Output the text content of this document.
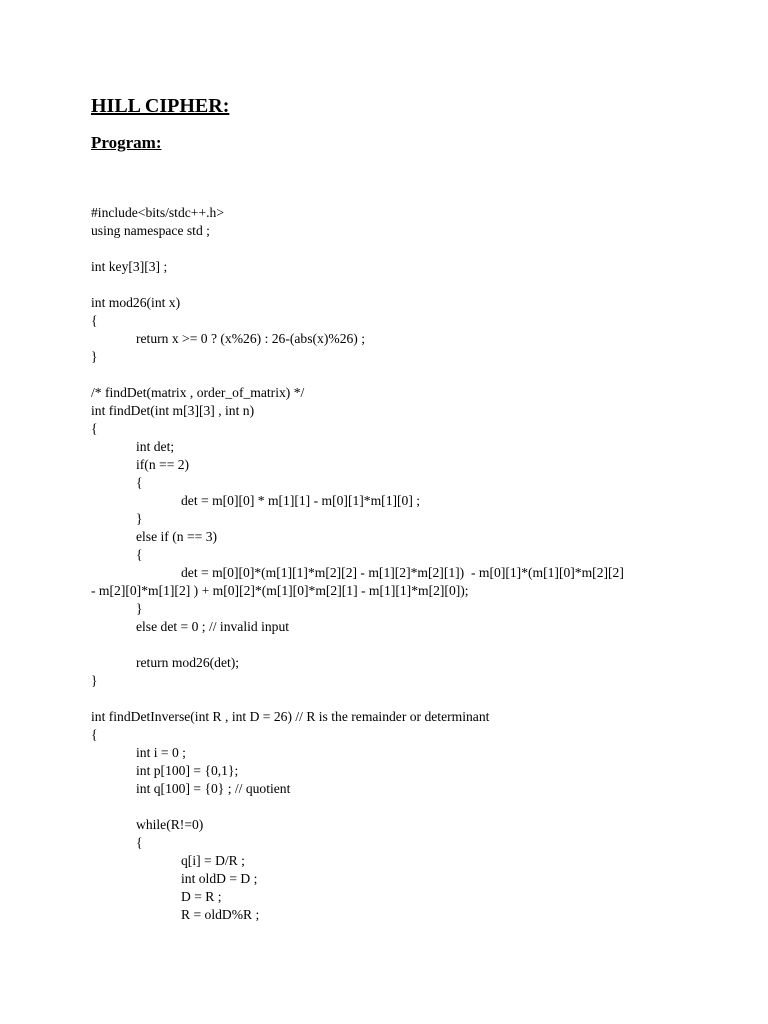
HILL CIPHER:
Program:
#include<bits/stdc++.h>
using namespace std ;
int key[3][3] ;
int mod26(int x)
{
return x >= 0 ? (x%26) : 26-(abs(x)%26) ;
}
/* findDet(matrix , order_of_matrix) */
int findDet(int m[3][3] , int n)
{
int det;
if(n == 2)
{
det = m[0][0] * m[1][1] - m[0][1]*m[1][0] ;
}
else if (n == 3)
{
det = m[0][0]*(m[1][1]*m[2][2] - m[1][2]*m[2][1])  - m[0][1]*(m[1][0]*m[2][2]
- m[2][0]*m[1][2] ) + m[0][2]*(m[1][0]*m[2][1] - m[1][1]*m[2][0]);
}
else det = 0 ; // invalid input
return mod26(det);
}
int findDetInverse(int R , int D = 26) // R is the remainder or determinant
{
int i = 0 ;
int p[100] = {0,1};
int q[100] = {0} ; // quotient
while(R!=0)
{
q[i] = D/R ;
int oldD = D ;
D = R ;
R = oldD%R ;
